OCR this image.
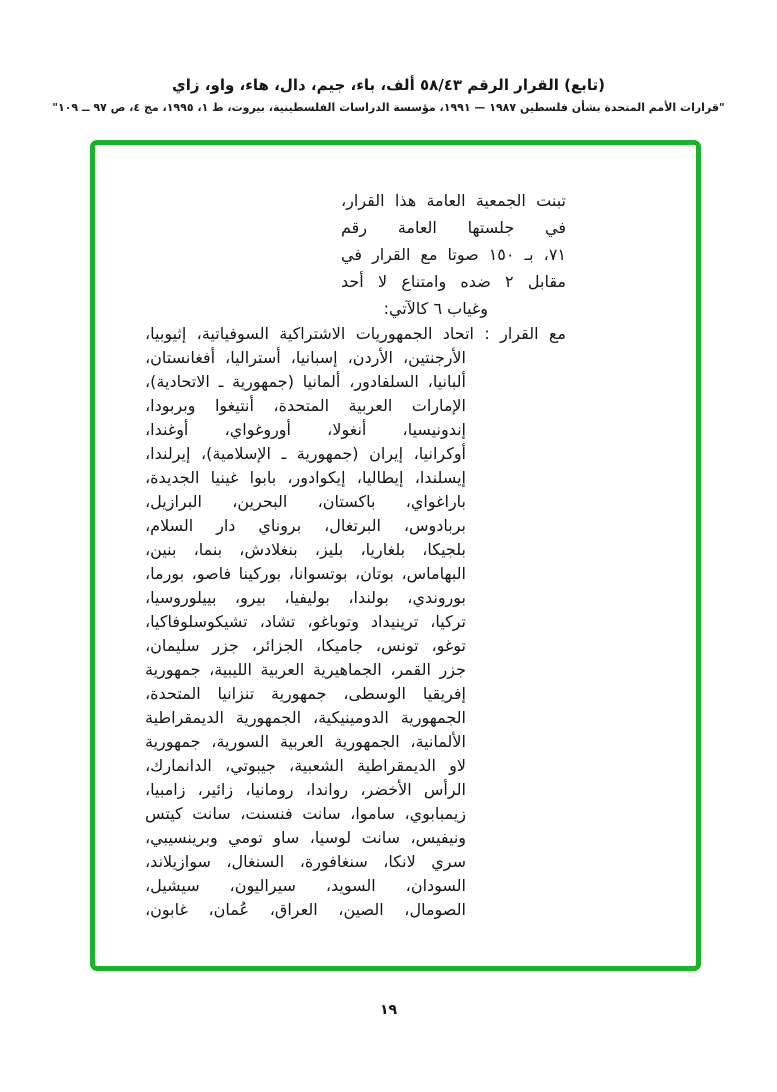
(تابع) القرار الرقم ٥٨/٤٣ ألف، باء، جيم، دال، هاء، واو، زاي
"قرارات الأمم المتحدة بشأن فلسطين ١٩٨٧ — ١٩٩١، مؤسسة الدراسات الفلسطينية، بيروت، ط ١، ١٩٩٥، مج ٤، ص ٩٧ ــ ١٠٩"
تبنت الجمعية العامة هذا القرار،
في جلستها العامة رقم
٧١، بـ ١٥٠ صوتا مع القرار في
مقابل ٢ ضده وامتناع لا أحد
وغياب ٦ كالآتي:
مع القرار : اتحاد الجمهوريات الاشتراكية السوفياتية، إثيوبيا،
الأرجنتين، الأردن، إسبانيا، أستراليا، أفغانستان،
ألبانيا، السلفادور، ألمانيا (جمهورية ـ الاتحادية)،
الإمارات العربية المتحدة، أنتيغوا وبربودا،
إندونيسيا، أنغولا، أوروغواي، أوغندا،
أوكرانيا، إيران (جمهورية ـ الإسلامية)، إيرلندا،
إيسلندا، إيطاليا، إيكوادور، بابوا غينيا الجديدة،
باراغواي، باكستان، البحرين، البرازيل،
بربادوس، البرتغال، بروناي دار السلام،
بلجيكا، بلغاريا، بليز، بنغلادش، بنما، بنين،
البهاماس، بوتان، بوتسوانا، بوركينا فاصو، بورما،
بوروندي، بولندا، بوليفيا، بيرو، بييلوروسيا،
تركيا، ترينيداد وتوباغو، تشاد، تشيكوسلوفاكيا،
توغو، تونس، جاميكا، الجزائر، جزر سليمان،
جزر القمر، الجماهيرية العربية الليبية، جمهورية
إفريقيا الوسطى، جمهورية تنزانيا المتحدة،
الجمهورية الدومينيكية، الجمهورية الديمقراطية
الألمانية، الجمهورية العربية السورية، جمهورية
لاو الديمقراطية الشعبية، جيبوتي، الدانمارك،
الرأس الأخضر، رواندا، رومانيا، زائير، زامبيا،
زيمبابوي، ساموا، سانت فنسنت، سانت كيتس
ونيفيس، سانت لوسيا، ساو تومي وبرينسيبي،
سري لانكا، سنغافورة، السنغال، سوازيلاند،
السودان، السويد، سيراليون، سيشيل،
الصومال، الصين، العراق، عُمان، غابون،
١٩
